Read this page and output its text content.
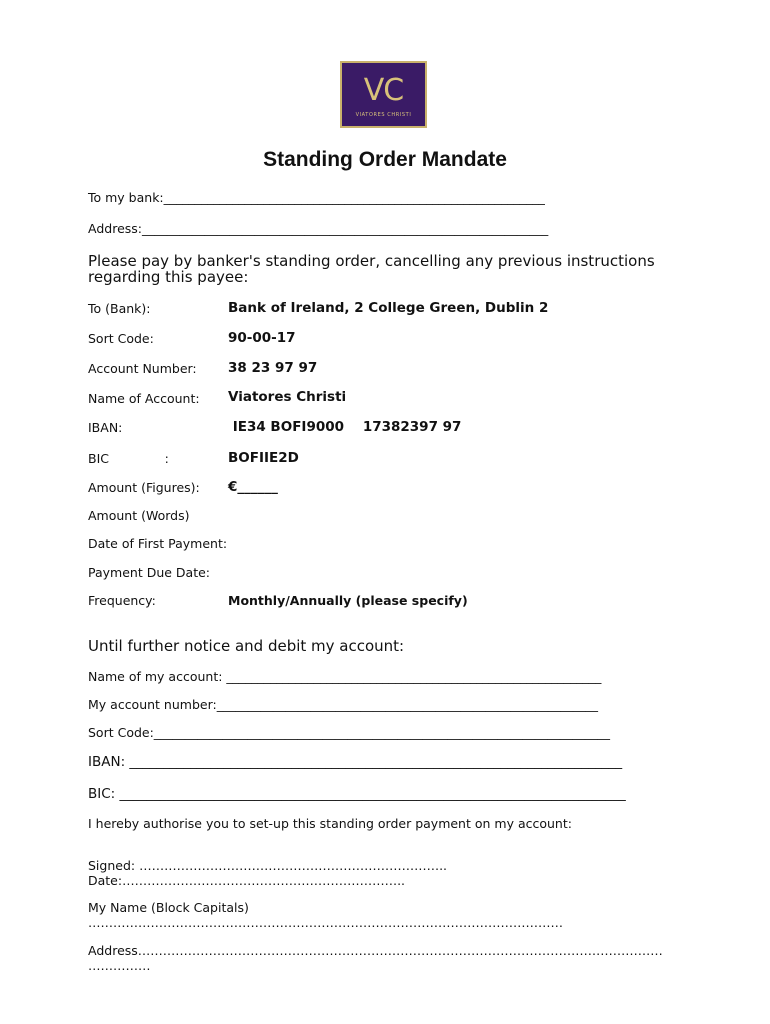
VC
VIATORES CHRISTI
Standing Order Mandate
To my bank:_____________________________________________________________
Address:_________________________________________________________________
Please pay by banker's standing order, cancelling any previous instructions regarding this payee:
To (Bank):	Bank of Ireland, 2 College Green, Dublin 2
Sort Code:	90-00-17
Account Number: 38 23 97 97
Name of Account: Viatores Christi
IBAN:	IE34 BOFI9000    17382397 97
BIC              :	BOFIIE2D
Amount (Figures): €______
Amount (Words)
Date of First Payment:
Payment Due Date:
Frequency:	Monthly/Annually (please specify)
Until further notice and debit my account:
Name of my account: ____________________________________________________________
My account number:_____________________________________________________________
Sort Code:_________________________________________________________________________
IBAN: _________________________________________________________________________
BIC: ___________________________________________________________________________
I hereby authorise you to set-up this standing order payment on my account:
Signed: ………………………………………………………………..
Date:…………………………………………………………..
My Name (Block Capitals)
……………………………………………………………………………………………………
Address………………………………………………………………………………………………………………
……………
